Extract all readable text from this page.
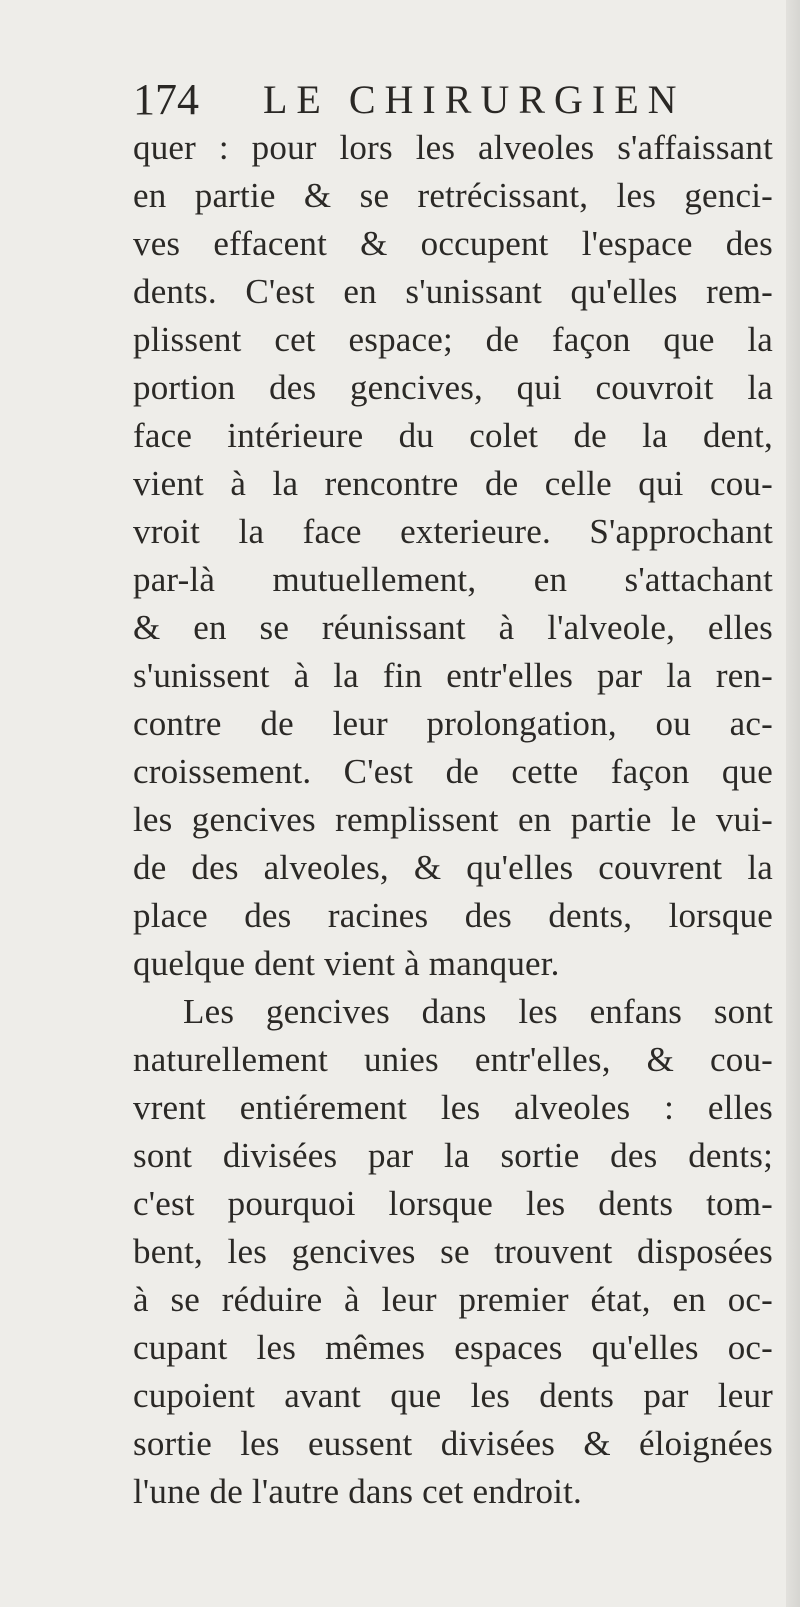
174 LE CHIRURGIEN
quer : pour lors les alveoles s'affaissant
en partie & se retrécissant, les genci-
ves effacent & occupent l'espace des
dents. C'est en s'unissant qu'elles rem-
plissent cet espace; de façon que la
portion des gencives, qui couvroit la
face intérieure du colet de la dent,
vient à la rencontre de celle qui cou-
vroit la face exterieure. S'approchant
par-là mutuellement, en s'attachant
& en se réunissant à l'alveole, elles
s'unissent à la fin entr'elles par la ren-
contre de leur prolongation, ou ac-
croissement. C'est de cette façon que
les gencives remplissent en partie le vui-
de des alveoles, & qu'elles couvrent la
place des racines des dents, lorsque
quelque dent vient à manquer.
Les gencives dans les enfans sont
naturellement unies entr'elles, & cou-
vrent entiérement les alveoles : elles
sont divisées par la sortie des dents;
c'est pourquoi lorsque les dents tom-
bent, les gencives se trouvent disposées
à se réduire à leur premier état, en oc-
cupant les mêmes espaces qu'elles oc-
cupoient avant que les dents par leur
sortie les eussent divisées & éloignées
l'une de l'autre dans cet endroit.
